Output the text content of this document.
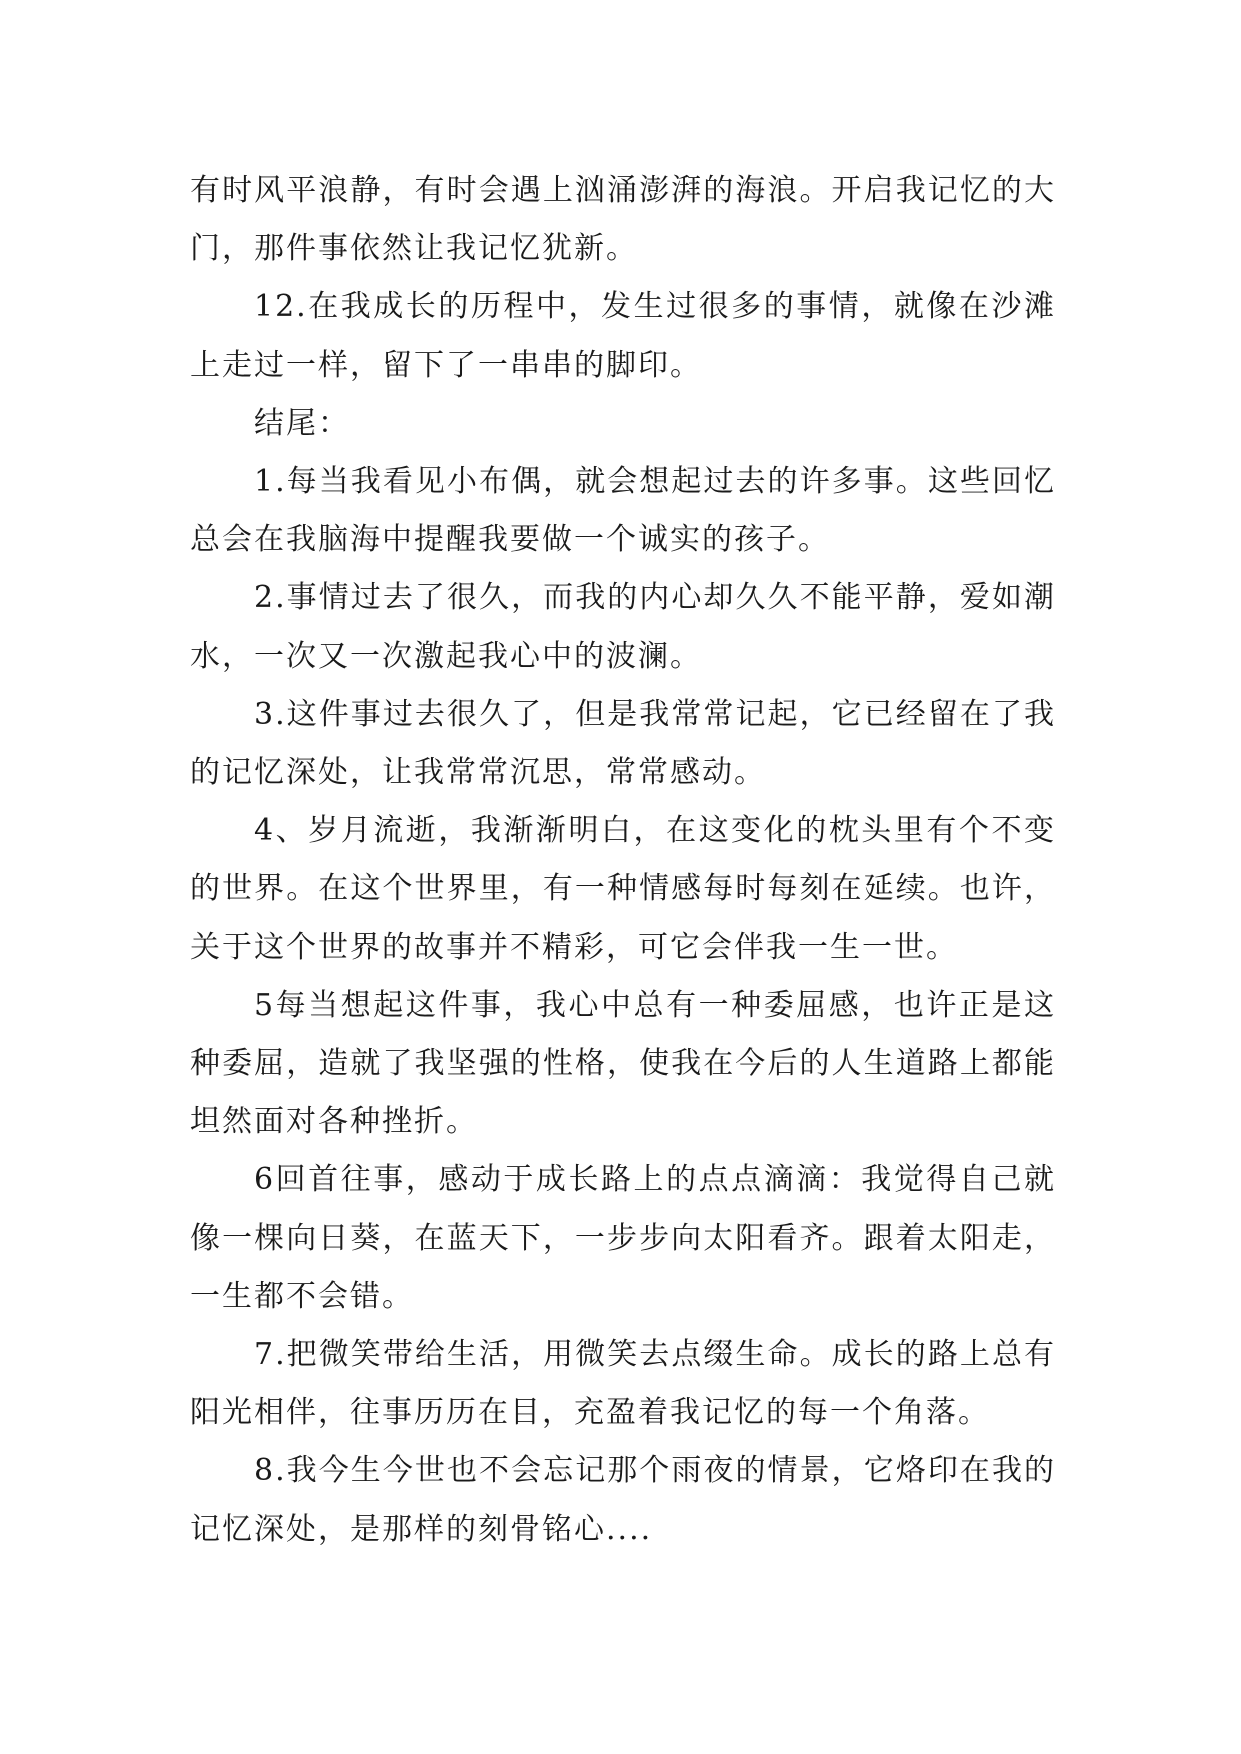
有时风平浪静，有时会遇上汹涌澎湃的海浪。开启我记忆的大门，那件事依然让我记忆犹新。

12.在我成长的历程中，发生过很多的事情，就像在沙滩上走过一样，留下了一串串的脚印。

结尾：

1.每当我看见小布偶，就会想起过去的许多事。这些回忆总会在我脑海中提醒我要做一个诚实的孩子。

2.事情过去了很久，而我的内心却久久不能平静，爱如潮水，一次又一次激起我心中的波澜。

3.这件事过去很久了，但是我常常记起，它已经留在了我的记忆深处，让我常常沉思，常常感动。

4、岁月流逝，我渐渐明白，在这变化的枕头里有个不变的世界。在这个世界里，有一种情感每时每刻在延续。也许，关于这个世界的故事并不精彩，可它会伴我一生一世。

5每当想起这件事，我心中总有一种委屈感，也许正是这种委屈，造就了我坚强的性格，使我在今后的人生道路上都能坦然面对各种挫折。

6回首往事，感动于成长路上的点点滴滴：我觉得自己就像一棵向日葵，在蓝天下，一步步向太阳看齐。跟着太阳走，一生都不会错。

7.把微笑带给生活，用微笑去点缀生命。成长的路上总有阳光相伴，往事历历在目，充盈着我记忆的每一个角落。

8.我今生今世也不会忘记那个雨夜的情景，它烙印在我的记忆深处，是那样的刻骨铭心....
